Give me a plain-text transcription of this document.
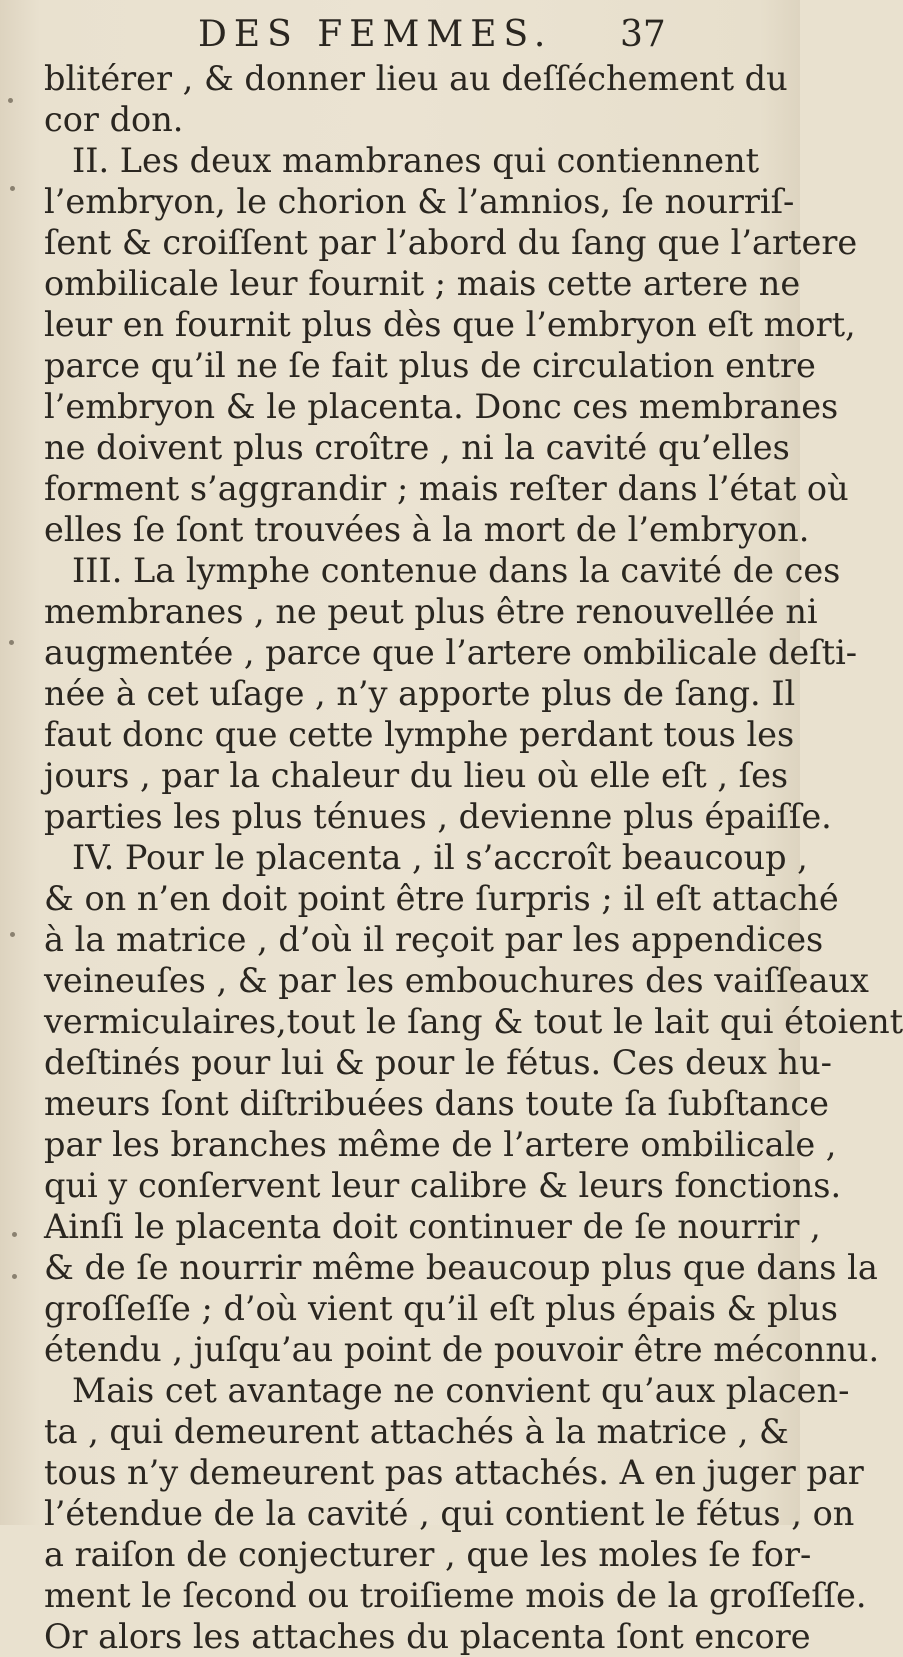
DES FEMMES. 37
blitérer , & donner lieu au deſſéchement du
cor don.
II. Les deux mambranes qui contiennent
l’embryon, le chorion & l’amnios, ſe nourriſ-
ſent & croiſſent par l’abord du ſang que l’artere
ombilicale leur fournit ; mais cette artere ne
leur en fournit plus dès que l’embryon eſt mort,
parce qu’il ne ſe fait plus de circulation entre
l’embryon & le placenta. Donc ces membranes
ne doivent plus croître , ni la cavité qu’elles
forment s’aggrandir ; mais reſter dans l’état où
elles ſe ſont trouvées à la mort de l’embryon.
III. La lymphe contenue dans la cavité de ces
membranes , ne peut plus être renouvellée ni
augmentée , parce que l’artere ombilicale deſti-
née à cet uſage , n’y apporte plus de ſang. Il
faut donc que cette lymphe perdant tous les
jours , par la chaleur du lieu où elle eſt , ſes
parties les plus ténues , devienne plus épaiſſe.
IV. Pour le placenta , il s’accroît beaucoup ,
& on n’en doit point être ſurpris ; il eſt attaché
à la matrice , d’où il reçoit par les appendices
veineuſes , & par les embouchures des vaiſſeaux
vermiculaires,tout le ſang & tout le lait qui étoient
deſtinés pour lui & pour le fétus. Ces deux hu-
meurs ſont diſtribuées dans toute ſa ſubſtance
par les branches même de l’artere ombilicale ,
qui y conſervent leur calibre & leurs fonctions.
Ainſi le placenta doit continuer de ſe nourrir ,
& de ſe nourrir même beaucoup plus que dans la
groſſeſſe ; d’où vient qu’il eſt plus épais & plus
étendu , juſqu’au point de pouvoir être méconnu.
Mais cet avantage ne convient qu’aux placen-
ta , qui demeurent attachés à la matrice , &
tous n’y demeurent pas attachés. A en juger par
l’étendue de la cavité , qui contient le fétus , on
a raiſon de conjecturer , que les moles ſe for-
ment le ſecond ou troiſieme mois de la groſſeſſe.
Or alors les attaches du placenta ſont encore
